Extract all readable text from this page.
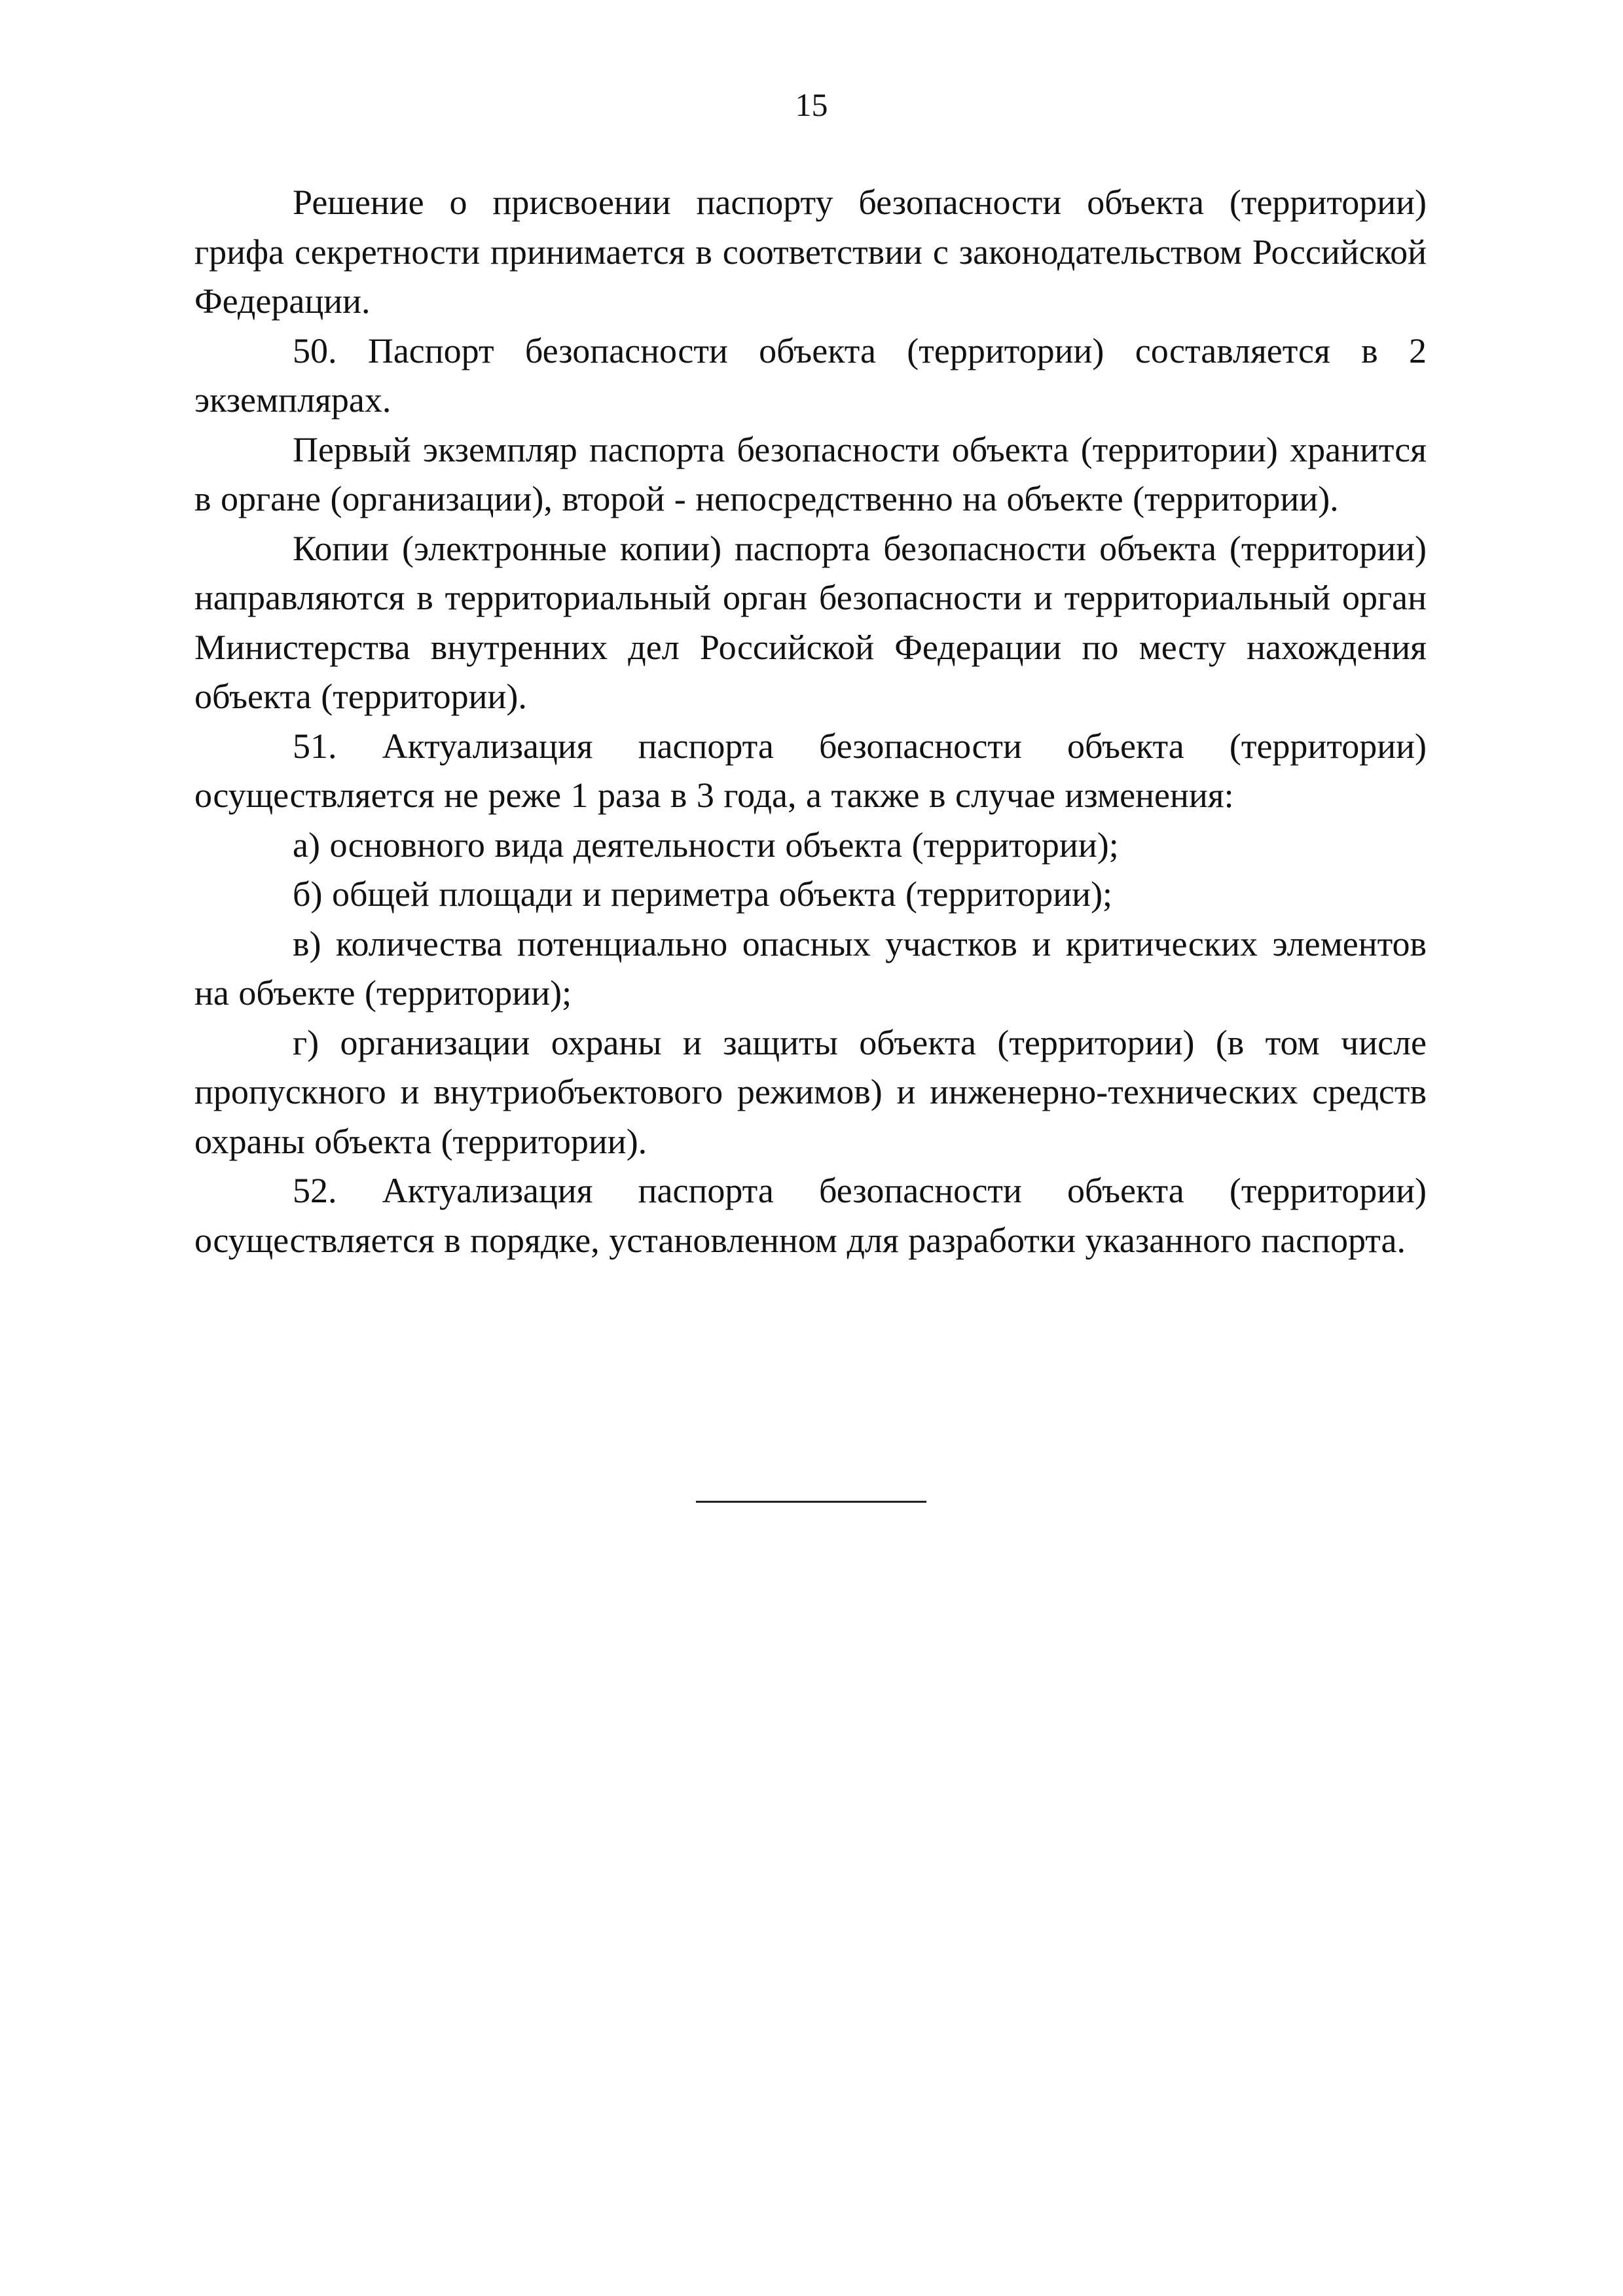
15

Решение о присвоении паспорту безопасности объекта (территории) грифа секретности принимается в соответствии с законодательством Российской Федерации.

50. Паспорт безопасности объекта (территории) составляется в 2 экземплярах.

Первый экземпляр паспорта безопасности объекта (территории) хранится в органе (организации), второй - непосредственно на объекте (территории).

Копии (электронные копии) паспорта безопасности объекта (территории) направляются в территориальный орган безопасности и территориальный орган Министерства внутренних дел Российской Федерации по месту нахождения объекта (территории).

51. Актуализация паспорта безопасности объекта (территории) осуществляется не реже 1 раза в 3 года, а также в случае изменения:

а) основного вида деятельности объекта (территории);

б) общей площади и периметра объекта (территории);

в) количества потенциально опасных участков и критических элементов на объекте (территории);

г) организации охраны и защиты объекта (территории) (в том числе пропускного и внутриобъектового режимов) и инженерно-технических средств охраны объекта (территории).

52. Актуализация паспорта безопасности объекта (территории) осуществляется в порядке, установленном для разработки указанного паспорта.
